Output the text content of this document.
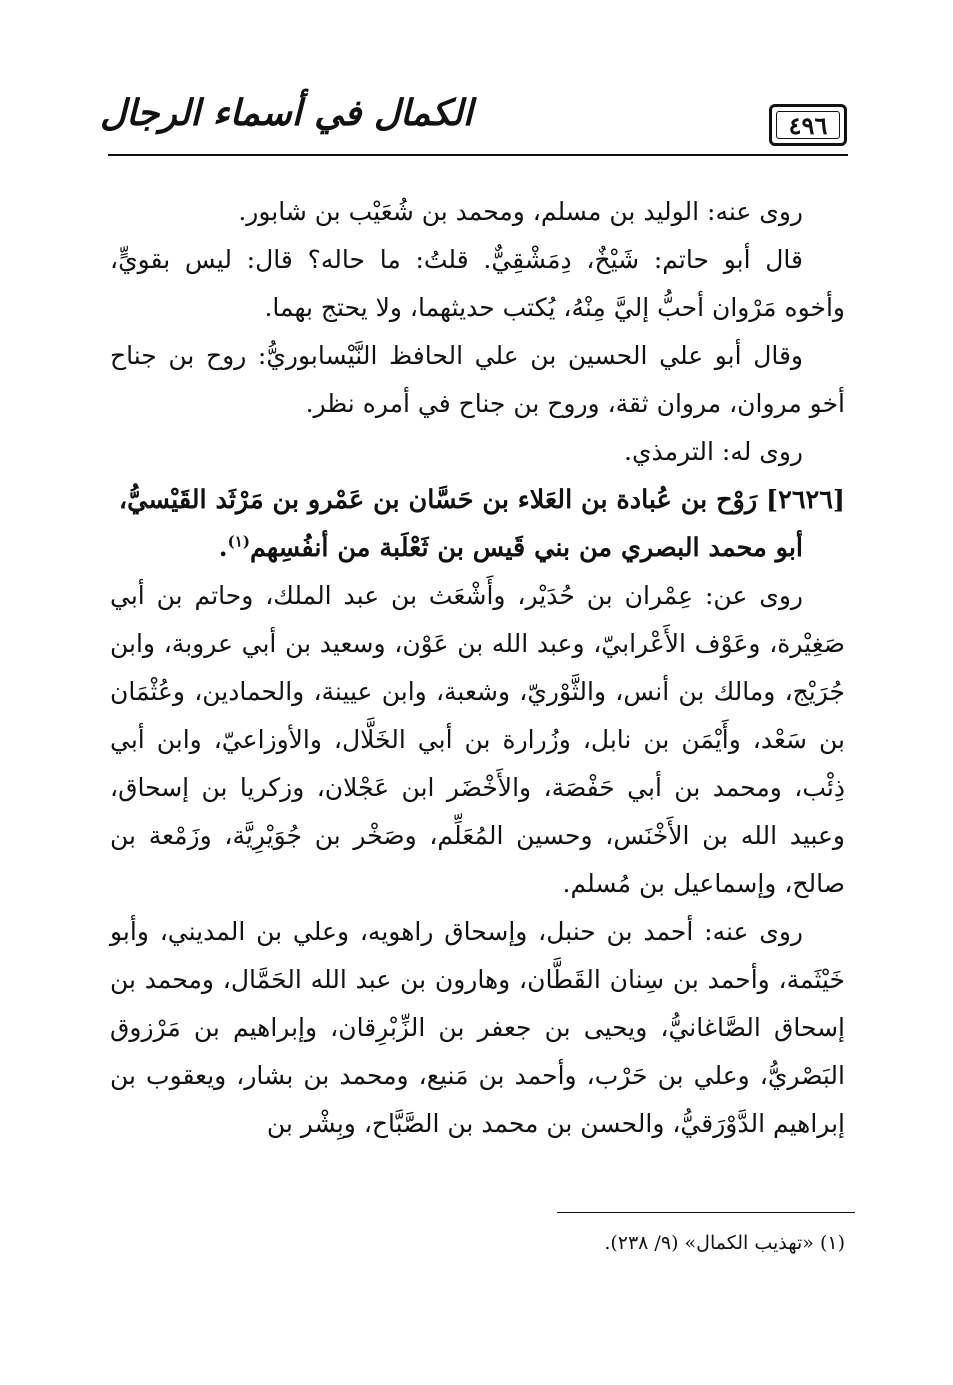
الكمال في أسماء الرجال	٤٩٦

روى عنه: الوليد بن مسلم، ومحمد بن شُعَيْب بن شابور.

قال أبو حاتم: شَيْخٌ، دِمَشْقِيٌّ. قلتُ: ما حاله؟ قال: ليس بقويٍّ، وأخوه مَرْوان أحبُّ إليَّ مِنْهُ، يُكتب حديثهما، ولا يحتج بهما.

وقال أبو علي الحسين بن علي الحافظ النَّيْسابوريُّ: روح بن جناح أخو مروان، مروان ثقة، وروح بن جناح في أمره نظر.

روى له: الترمذي.

[٢٦٢٦] رَوْح بن عُبادة بن العَلاء بن حَسَّان بن عَمْرو بن مَرْثَد القَيْسيُّ،
أبو محمد البصري من بني قَيس بن ثَعْلَبة من أنفُسِهم$^{(١)}$.

روى عن: عِمْران بن حُدَيْر، وأَشْعَث بن عبد الملك، وحاتم بن أبي صَغِيْرة، وعَوْف الأَعْرابيّ، وعبد الله بن عَوْن، وسعيد بن أبي عروبة، وابن جُرَيْج، ومالك بن أنس، والثَّوْريّ، وشعبة، وابن عيينة، والحمادين، وعُثْمَان بن سَعْد، وأَيْمَن بن نابل، وزُرارة بن أبي الخَلَّال، والأوزاعيّ، وابن أبي ذِئْب، ومحمد بن أبي حَفْصَة، والأَخْضَر ابن عَجْلان، وزكريا بن إسحاق، وعبيد الله بن الأَخْنَس، وحسين المُعَلِّم، وصَخْر بن جُوَيْرِيَّة، وزَمْعة بن صالح، وإسماعيل بن مُسلم.

روى عنه: أحمد بن حنبل، وإسحاق راهويه، وعلي بن المديني، وأبو خَيْثَمة، وأحمد بن سِنان القَطَّان، وهارون بن عبد الله الحَمَّال، ومحمد بن إسحاق الصَّاغانيُّ، ويحيى بن جعفر بن الزِّبْرِقان، وإبراهيم بن مَرْزوق البَصْريُّ، وعلي بن حَرْب، وأحمد بن مَنيع، ومحمد بن بشار، ويعقوب بن إبراهيم الدَّوْرَقيُّ، والحسن بن محمد بن الصَّبَّاح، وبِشْر بن

(١) «تهذيب الكمال» (٩/ ٢٣٨).
